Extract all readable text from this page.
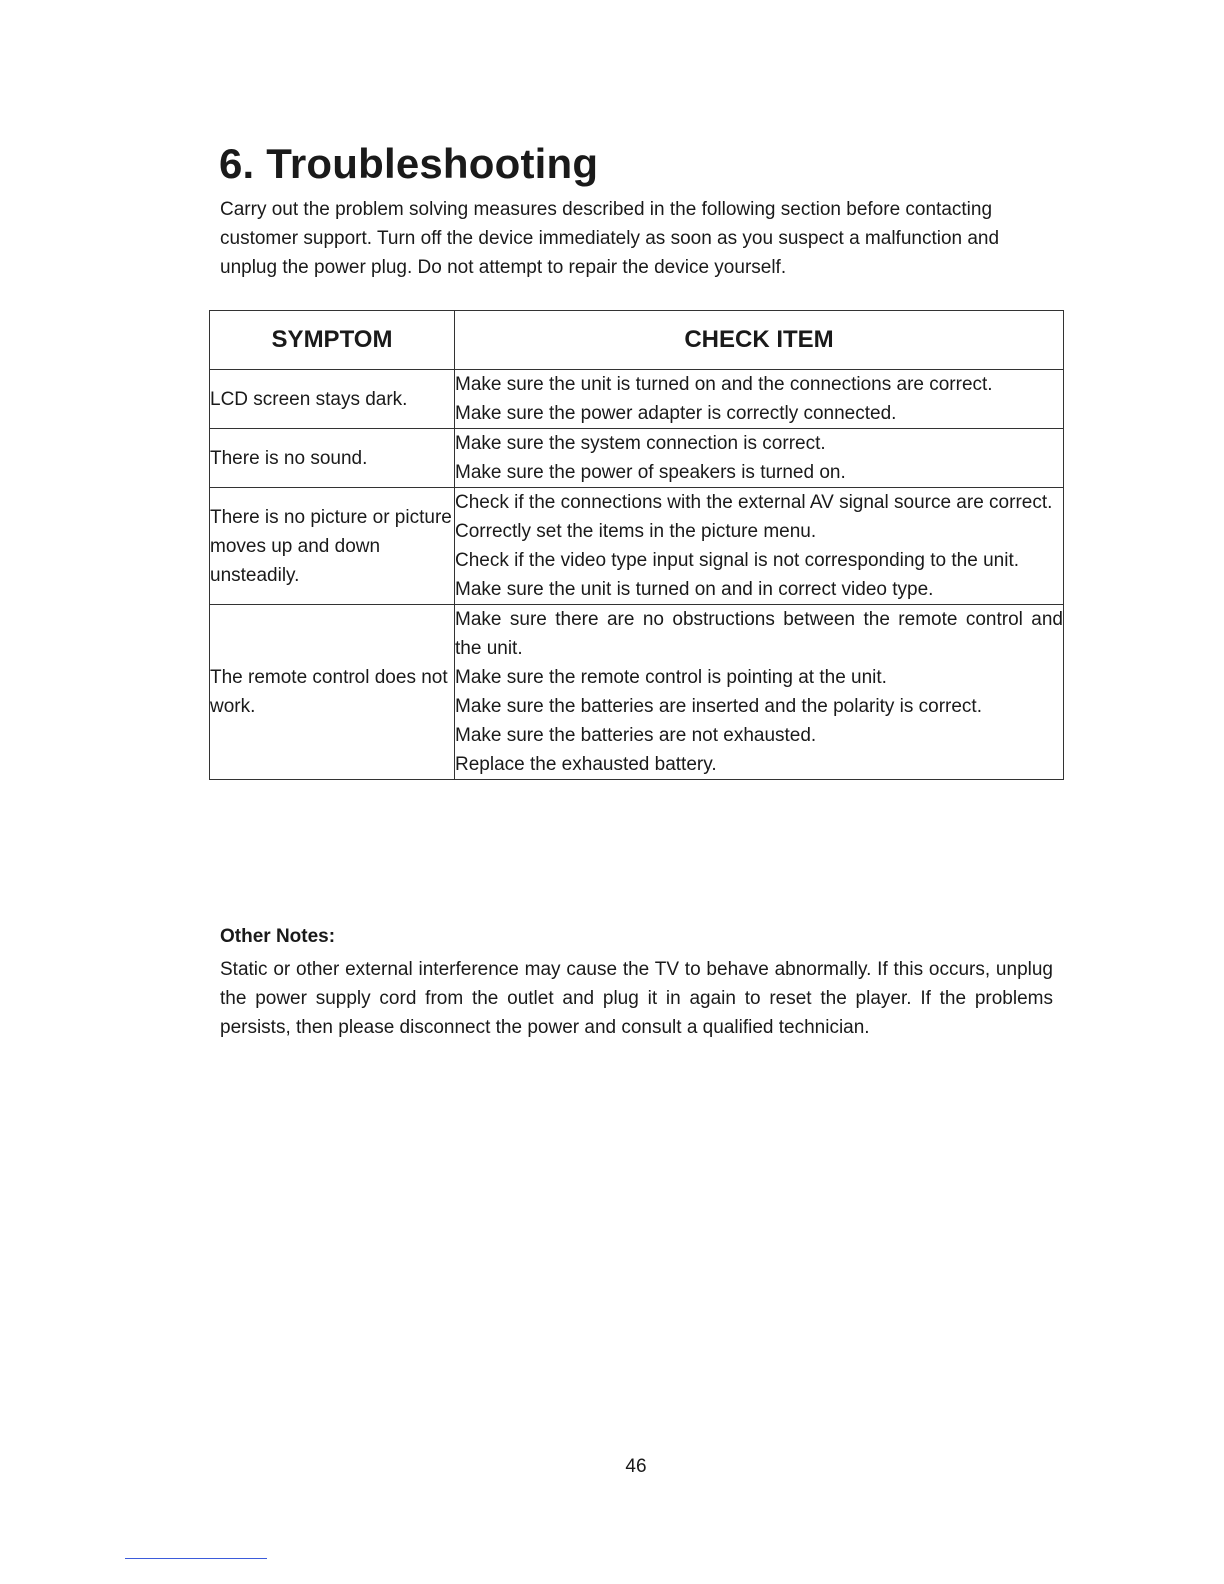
6. Troubleshooting

Carry out the problem solving measures described in the following section before contacting customer support. Turn off the device immediately as soon as you suspect a malfunction and unplug the power plug. Do not attempt to repair the device yourself.

SYMPTOM	CHECK ITEM
LCD screen stays dark.	Make sure the unit is turned on and the connections are correct.
Make sure the power adapter is correctly connected.

There is no sound.	Make sure the system connection is correct.
Make sure the power of speakers is turned on.

There is no picture or picture moves up and down unsteadily.	Check if the connections with the external AV signal source are correct.
Correctly set the items in the picture menu.
Check if the video type input signal is not corresponding to the unit.
Make sure the unit is turned on and in correct video type.

The remote control does not work.	Make sure there are no obstructions between the remote control and the unit.
Make sure the remote control is pointing at the unit.
Make sure the batteries are inserted and the polarity is correct.
Make sure the batteries are not exhausted.
Replace the exhausted battery.

Other Notes:

Static or other external interference may cause the TV to behave abnormally. If this occurs, unplug the power supply cord from the outlet and plug it in again to reset the player. If the problems persists, then please disconnect the power and consult a qualified technician.

46
